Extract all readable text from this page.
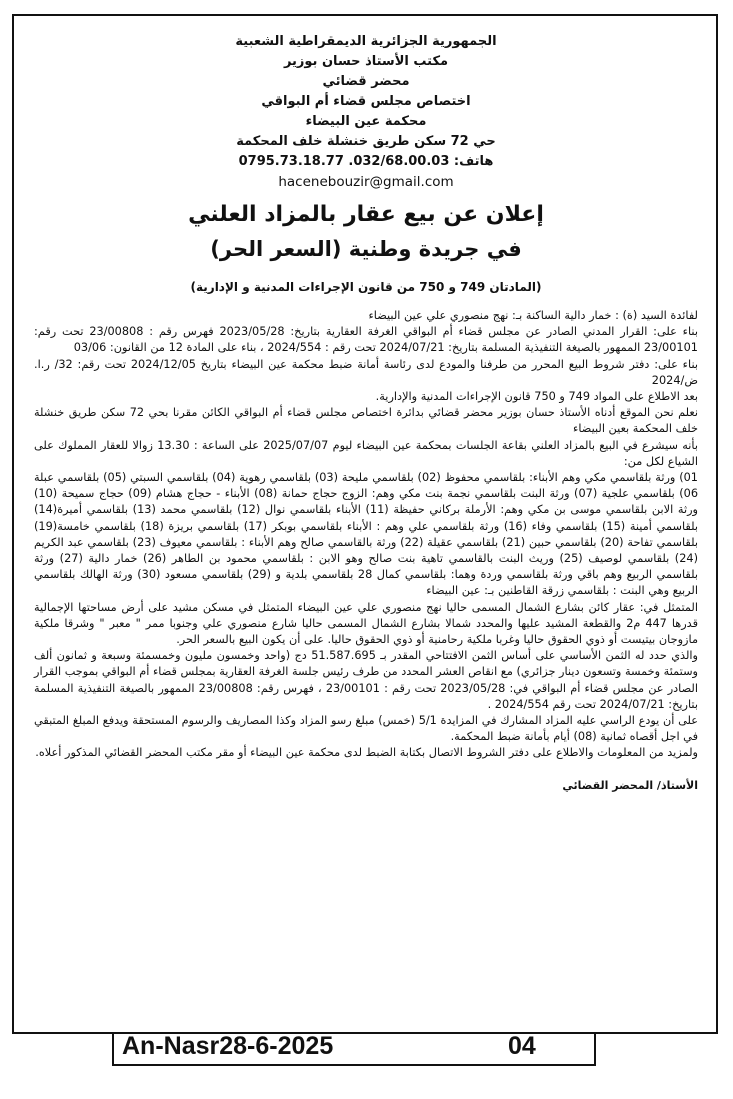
الجمهورية الجزائرية الديمقراطية الشعبية
مكتب الأستاذ حسان بوزير
محضر قضائي
اختصاص مجلس قضاء أم البواقي
محكمة عين البيضاء
حي 72 سكن طريق خنشلة خلف المحكمة
هاتف: 0795.73.18.77 .032/68.00.03
hacenebouzir@gmail.com
إعلان عن بيع عقار بالمزاد العلني
في جريدة وطنية (السعر الحر)
(المادتان 749 و 750 من قانون الإجراءات المدنية و الإدارية)

لفائدة السيد (ة) : خمار دالية الساكنة بـ: نهج منصوري علي عين البيضاء

بناء على: القرار المدني الصادر عن مجلس قضاء أم البواقي الغرفة العقارية بتاريخ: 2023/05/28 فهرس رقم : 23/00808 تحت رقم: 23/00101 الممهور بالصيغة التنفيذية المسلمة بتاريخ: 2024/07/21 تحت رقم : 2024/554 ، بناء على المادة 12 من القانون: 03/06

بناء على: دفتر شروط البيع المحرر من طرفنا والمودع لدى رئاسة أمانة ضبط محكمة عين البيضاء بتاريخ 2024/12/05 تحت رقم: 32/ ر.ا. ض/2024

بعد الاطلاع على المواد 749 و 750 قانون الإجراءات المدنية والإدارية.

نعلم نحن الموقع أدناه الأستاذ حسان بوزير محضر قضائي بدائرة اختصاص مجلس قضاء أم البواقي الكائن مقرنا بحي 72 سكن طريق خنشلة خلف المحكمة بعين البيضاء

بأنه سيشرع في البيع بالمزاد العلني بقاعة الجلسات بمحكمة عين البيضاء ليوم 2025/07/07 على الساعة : 13.30 زوالا للعقار المملوك على الشياع لكل من:

01) ورثة بلقاسمي مكي وهم الأبناء: بلقاسمي محفوظ (02) بلقاسمي مليحة (03) بلقاسمي رهوية (04) بلقاسمي السبتي (05) بلقاسمي عبلة 06) بلقاسمي علجية (07) ورثة البنت بلقاسمي نجمة بنت مكي وهم: الزوج حجاج حمانة (08) الأبناء - حجاج هشام (09) حجاج سميحة (10) ورثة الابن بلقاسمي موسى بن مكي وهم: الأرملة بركاني حفيظة (11) الأبناء بلقاسمي نوال (12) بلقاسمي محمد (13) بلقاسمي أميرة(14) بلقاسمي أمينة (15) بلقاسمي وفاء (16) ورثة بلقاسمي علي وهم : الأبناء بلقاسمي بوبكر (17) بلقاسمي بريزة (18) بلقاسمي خامسة(19) بلقاسمي تفاحة (20) بلقاسمي حبين (21) بلقاسمي عقيلة (22) ورثة بالقاسمي صالح وهم الأبناء : بلقاسمي معيوف (23) بلقاسمي عبد الكريم (24) بلقاسمي لوصيف (25) وريث البنت بالقاسمي تاهية بنت صالح وهو الابن : بلقاسمي محمود بن الطاهر (26) خمار دالية (27) ورثة بلقاسمي الربيع وهم باقي ورثة بلقاسمي وردة وهما: بلقاسمي كمال 28 بلقاسمي بلدية و (29) بلقاسمي مسعود (30) ورثة الهالك بلقاسمي الربيع وهي البنت : بلقاسمي زرقة القاطنين بـ: عين البيضاء

المتمثل في: عقار كائن بشارع الشمال المسمى حاليا نهج منصوري علي عين البيضاء المتمثل في مسكن مشيد على أرض مساحتها الإجمالية قدرها 447 م2 والقطعة المشيد عليها والمحدد شمالا بشارع الشمال المسمى حاليا شارع منصوري علي وجنوبا ممر " معبر " وشرقا ملكية مازوجان بيتيست أو ذوي الحقوق حاليا وغربا ملكية رحامنية أو ذوي الحقوق حاليا. على أن يكون البيع بالسعر الحر.

والذي حدد له الثمن الأساسي على أساس الثمن الافتتاحي المقدر بـ 51.587.695 دج (واحد وخمسون مليون وخمسمئة وسبعة و ثمانون ألف وستمئة وخمسة وتسعون دينار جزائري) مع انقاص العشر المحدد من طرف رئيس جلسة الغرفة العقارية بمجلس قضاء أم البواقي بموجب القرار الصادر عن مجلس قضاء أم البواقي في: 2023/05/28 تحت رقم : 23/00101 ، فهرس رقم: 23/00808 الممهور بالصيغة التنفيذية المسلمة بتاريخ: 2024/07/21 تحت رقم 2024/554 .

على أن يودع الراسي عليه المزاد المشارك في المزايدة 5/1 (خمس) مبلغ رسو المزاد وكذا المصاريف والرسوم المستحقة ويدفع المبلغ المتبقي في اجل أقصاه ثمانية (08) أيام بأمانة ضبط المحكمة.

ولمزيد من المعلومات والاطلاع على دفتر الشروط الاتصال بكتابة الضبط لدى محكمة عين البيضاء أو مقر مكتب المحضر القضائي المذكور أعلاه.

الأستاذ/ المحضر القضائي
An-Nasr28-6-2025	04
